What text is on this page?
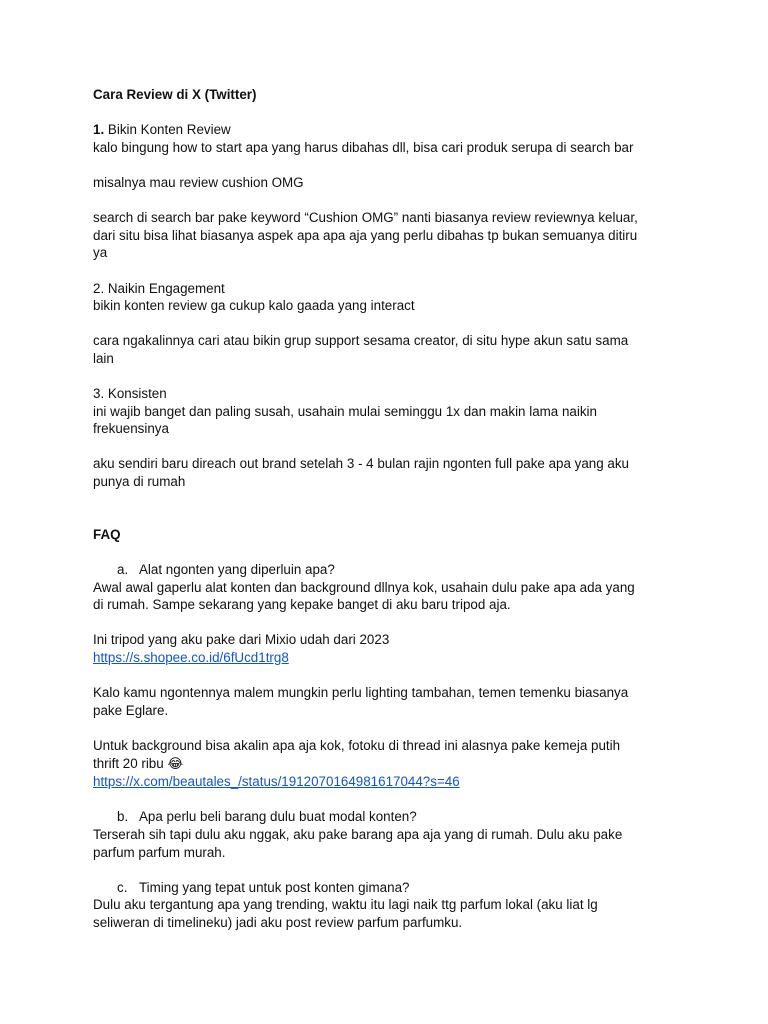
Cara Review di X (Twitter)
1. Bikin Konten Review
kalo bingung how to start apa yang harus dibahas dll, bisa cari produk serupa di search bar
misalnya mau review cushion OMG
search di search bar pake keyword “Cushion OMG” nanti biasanya review reviewnya keluar,
dari situ bisa lihat biasanya aspek apa apa aja yang perlu dibahas tp bukan semuanya ditiru
ya
2. Naikin Engagement
bikin konten review ga cukup kalo gaada yang interact
cara ngakalinnya cari atau bikin grup support sesama creator, di situ hype akun satu sama
lain
3. Konsisten
ini wajib banget dan paling susah, usahain mulai seminggu 1x dan makin lama naikin
frekuensinya
aku sendiri baru direach out brand setelah 3 - 4 bulan rajin ngonten full pake apa yang aku
punya di rumah
FAQ
a. Alat ngonten yang diperluin apa?
Awal awal gaperlu alat konten dan background dllnya kok, usahain dulu pake apa ada yang
di rumah. Sampe sekarang yang kepake banget di aku baru tripod aja.
Ini tripod yang aku pake dari Mixio udah dari 2023
https://s.shopee.co.id/6fUcd1trg8
Kalo kamu ngontennya malem mungkin perlu lighting tambahan, temen temenku biasanya
pake Eglare.
Untuk background bisa akalin apa aja kok, fotoku di thread ini alasnya pake kemeja putih
thrift 20 ribu 😂
https://x.com/beautales_/status/1912070164981617044?s=46
b. Apa perlu beli barang dulu buat modal konten?
Terserah sih tapi dulu aku nggak, aku pake barang apa aja yang di rumah. Dulu aku pake
parfum parfum murah.
c. Timing yang tepat untuk post konten gimana?
Dulu aku tergantung apa yang trending, waktu itu lagi naik ttg parfum lokal (aku liat lg
seliweran di timelineku) jadi aku post review parfum parfumku.
